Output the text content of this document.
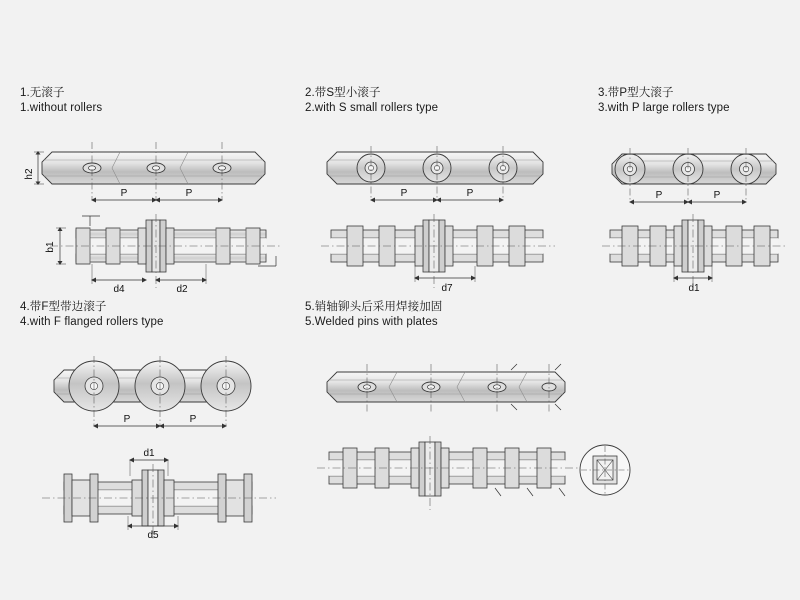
1.无滚子
1.without rollers
h2
P	P
b1
d4	d2
2.带S型小滚子
2.with S small rollers type
P	P
d7
3.带P型大滚子
3.with P large rollers type
P	P
d1
4.带F型带边滚子
4.with F flanged rollers type
P	P
d1
d5
5.销轴铆头后采用焊接加固
5.Welded pins with plates
